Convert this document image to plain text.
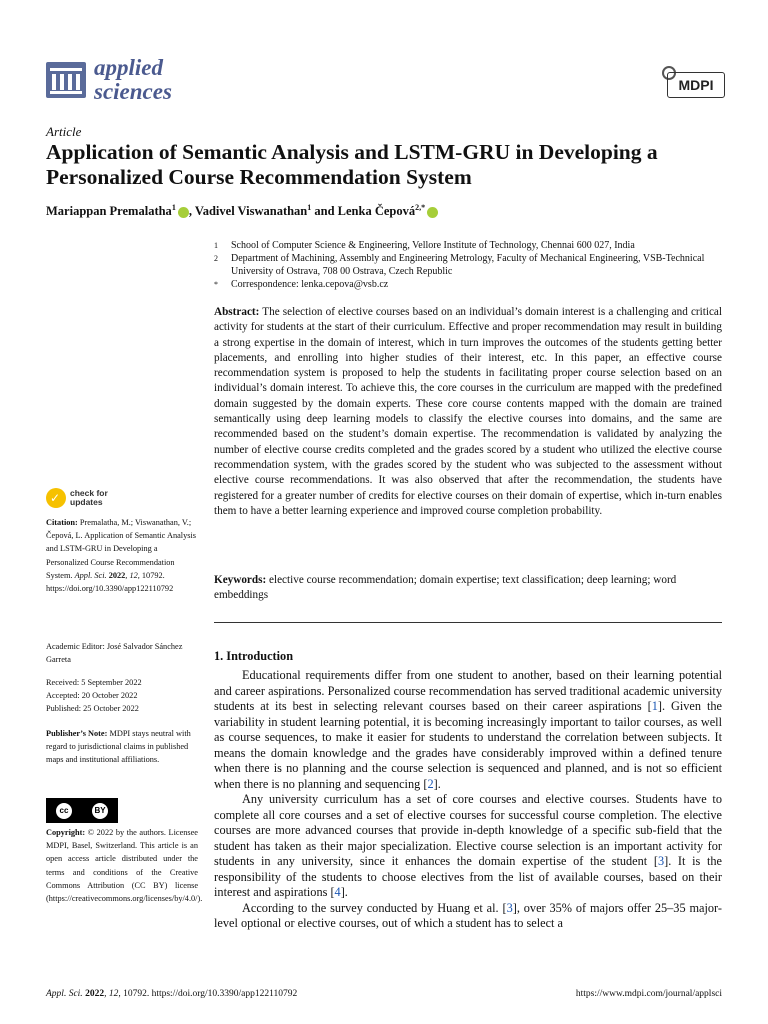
applied
sciences	MDPI
Article
Application of Semantic Analysis and LSTM-GRU in Developing a Personalized Course Recommendation System
Mariappan Premalatha$^1$ , Vadivel Viswanathan$^1$ and Lenka Čepová$^{2,*}$
1	School of Computer Science & Engineering, Vellore Institute of Technology, Chennai 600 027, India
2	Department of Machining, Assembly and Engineering Metrology, Faculty of Mechanical Engineering, VSB-Technical University of Ostrava, 708 00 Ostrava, Czech Republic
*	Correspondence: lenka.cepova@vsb.cz
Abstract: The selection of elective courses based on an individual’s domain interest is a challenging and critical activity for students at the start of their curriculum. Effective and proper recommendation may result in building a strong expertise in the domain of interest, which in turn improves the outcomes of the students getting better placements, and enrolling into higher studies of their interest, etc. In this paper, an effective course recommendation system is proposed to help the students in facilitating proper course selection based on an individual’s domain interest. To achieve this, the core courses in the curriculum are mapped with the predefined domain suggested by the domain experts. These core course contents mapped with the domain are trained semantically using deep learning models to classify the elective courses into domains, and the same are recommended based on the student’s domain expertise. The recommendation is validated by analyzing the number of elective course credits completed and the grades scored by a student who utilized the elective course recommendation system, with the grades scored by the student who was subjected to the assessment without elective course recommendations. It was also observed that after the recommendation, the students have registered for a greater number of credits for elective courses on their domain of expertise, which in-turn enables them to have a better learning experience and improved course completion probability.
Keywords: elective course recommendation; domain expertise; text classification; deep learning; word embeddings
1. Introduction

Educational requirements differ from one student to another, based on their learning potential and career aspirations. Personalized course recommendation has served traditional academic university students at its best in selecting relevant courses based on their career aspirations [1]. Given the variability in student learning potential, it is becoming increasingly important to tailor courses, as well as course sequences, to make it easier for students to understand the correlation between subjects. It means the domain knowledge and the grades have considerably improved within a defined tenure when there is no planning and the course selection is sequenced and planned, and is not so efficient when there is no planning and sequencing [2].

Any university curriculum has a set of core courses and elective courses. Students have to complete all core courses and a set of elective courses for successful course completion. The elective courses are more advanced courses that provide in-depth knowledge of a specific sub-field that the student has taken as their major specialization. Elective course selection is an important activity for students in any university, since it enhances the domain expertise of the student [3]. It is the responsibility of the students to choose electives from the list of available courses, based on their interest and aspirations [4].

According to the survey conducted by Huang et al. [3], over 35% of majors offer 25–35 major-level optional or elective courses, out of which a student has to select a

✓ check for
updates
Citation: Premalatha, M.; Viswanathan, V.; Čepová, L. Application of Semantic Analysis and LSTM-GRU in Developing a Personalized Course Recommendation System. Appl. Sci. 2022, 12, 10792. https://doi.org/10.3390/app122110792
Academic Editor: José Salvador Sánchez Garreta
Received: 5 September 2022
Accepted: 20 October 2022
Published: 25 October 2022
Publisher’s Note: MDPI stays neutral with regard to jurisdictional claims in published maps and institutional affiliations.
cc	BY
Copyright: © 2022 by the authors. Licensee MDPI, Basel, Switzerland. This article is an open access article distributed under the terms and conditions of the Creative Commons Attribution (CC BY) license (https://creativecommons.org/licenses/by/4.0/).
Appl. Sci. 2022, 12, 10792. https://doi.org/10.3390/app122110792	https://www.mdpi.com/journal/applsci
